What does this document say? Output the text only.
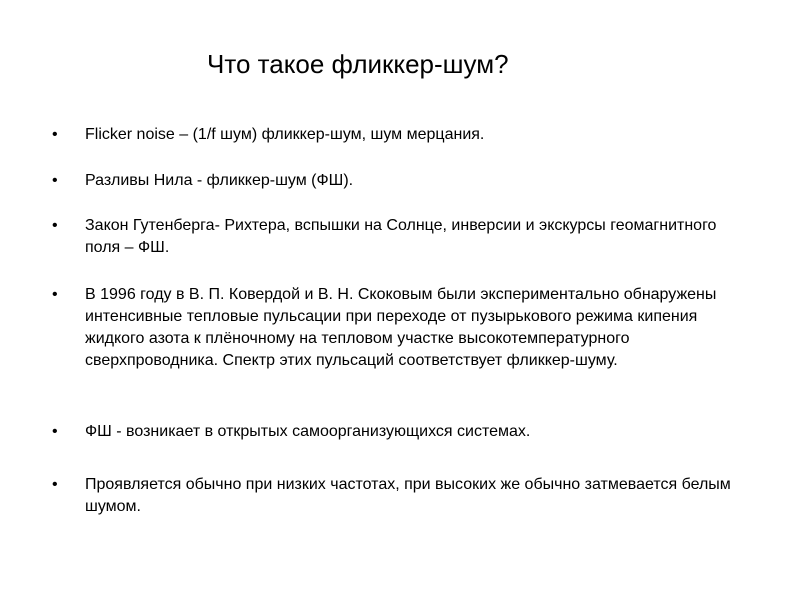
Что такое фликкер-шум?
•	Flicker noise – (1/f шум) фликкер-шум, шум мерцания.
•	Разливы Нила - фликкер-шум (ФШ).
•	Закон Гутенберга- Рихтера, вспышки на Солнце, инверсии и экскурсы геомагнитного поля – ФШ.
•	В 1996 году в В. П. Ковердой и В. Н. Скоковым были экспериментально обнаружены интенсивные тепловые пульсации при переходе от пузырькового режима кипения жидкого азота к плёночному на тепловом участке высокотемпературного сверхпроводника. Спектр этих пульсаций соответствует фликкер-шуму.
•	ФШ - возникает в открытых самоорганизующихся системах.
•	Проявляется обычно при низких частотах, при высоких же обычно затмевается белым шумом.
